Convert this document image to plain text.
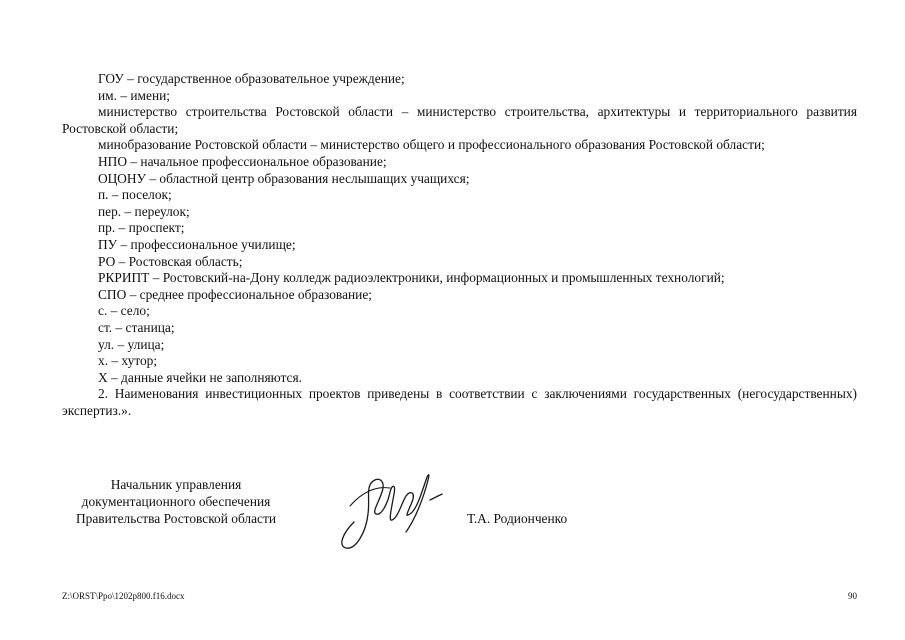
ГОУ – государственное образовательное учреждение;

им. – имени;

министерство строительства Ростовской области – министерство строительства, архитектуры и территориального развития Ростовской области;

минобразование Ростовской области – министерство общего и профессионального образования Ростовской области;

НПО – начальное профессиональное образование;

ОЦОНУ – областной центр образования неслышащих учащихся;

п. – поселок;

пер. – переулок;

пр. – проспект;

ПУ – профессиональное училище;

РО – Ростовская область;

РКРИПТ – Ростовский-на-Дону колледж радиоэлектроники, информационных и промышленных технологий;

СПО – среднее профессиональное образование;

с. – село;

ст. – станица;

ул. – улица;

х. – хутор;

Х – данные ячейки не заполняются.

2. Наименования инвестиционных проектов приведены в соответствии с заключениями государственных (негосударственных) экспертиз.».

Начальник управления
документационного обеспечения
Правительства Ростовской области	Т.А. Родионченко
Z:\ORST\Ppo\1202p800.f16.docx	90
